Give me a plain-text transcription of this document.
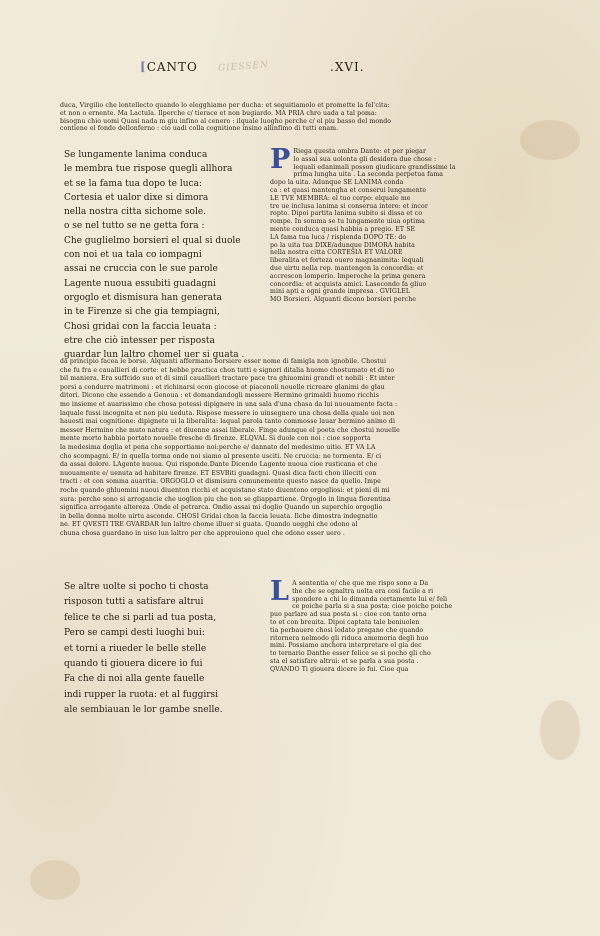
[CANTO GIESSEN	.XVI.
duca, Virgilio che lontellecto quando lo elegghiamo per ducha: et seguitiamolo et promette la fel'cita:
et non o ernente. Ma Lactula. Ilperche c/ tierace et non bugiardo. MA PRIA chro uada a tal poma:
bisognu chio uomi Quasi nada m giu infino al cenero : ilquale luogho perche c/ el piu basso del mondo
contiene el fondo dellonferno : cio uadi colla cognitione insino allinfimo di tutti enam.
Se lungamente lanima conduca
le membra tue rispose quegli allhora
et se la fama tua dopo te luca:
Cortesia et ualor dixe si dimora
nella nostra citta sichome sole.
o se nel tutto se ne getta fora :
Che guglielmo borsieri el qual si duole
con noi et ua tala co iompagni
assai ne cruccia con le sue parole
Lagente nuoua essubiti guadagni
orgoglo et dismisura han generata
in te Firenze si che gia tempiagni,
Chosi gridai con la faccia leuata :
etre che ciò intesser per risposta
guardar lun laltro chomel uer si guata .
P Riega questa ombra Dante: et per piegar
lo assai sua uolonta gli desidera due chose :
lequali edanimali posson giudicare grandissime la
prima lungha uita . La seconda perpetua fama
dopo la uita. Adunque SE LANIMA conda
ca : et quasi mantengha et conserui lungamente
LE TVE MEMBRA: el tuo corpo: elquale me
tre ue inclusa lanima si conserua intero: et incor
ropto. Dipoi partita lanima subito si dissa et co
rompe. In somma se tu lungamente uiua optima
mente conduca quasi habbia a pregio. ET SE
LA fama tua luca / risplenda DOPO TE: do
po la uita tua DIXE/adunque DIMORA habita
nella nostra citta CORTESIA ET VALORE
liberalita et forteza ouero magnanimita: lequali
due uirtu nella rep. mantengon la concordia: et
accrescon lomperio. Imperoche la prima genera
concordia: et acquista amici. Lasecondo fa gliuo
mini apti a ogni grande impresa . GVIGLEL
MO Borsieri. Alquanti dicono borsieri perche
da principio facea le borse. Alquanti affermano borsiere esser nome di famigla non ignobile. Chostui
che fu fra e cauallieri di corte: et hebbe practica chon tutti e signori ditalia huomo chostumato et di no
bil maniera. Era suffcido suo et di simil cauallieri tractare pace tra ghiuomini grandi et nobili : Et inter
porsi a condurre matrimoni : et richinarsi ocon giocose et piacenoli nouelle ricreare glanimi de glau
ditori. Dicono che essendo a Genoua : et domandandogli messere Hermino grimaldi huomo ricchis
mo insieme et auarissimo che chosa potessi dipignere in una sala d'una chasa da lui nuouamente facta :
laquale fussi incognita et non piu ueduta. Rispose messere io uinsegnero una chosa della quale uoi non
hauesti mai cognitione: dipignete ui la liberalita: laqual parola tanto commosse lauar hermino animo di
messer Hermino che muto natura : et diuenne assai liberale. Finge adunque el poeta che chostui nouelle
mente morto habbia portato nouelle fresche di firenze. ELQVAL Si duole con noi : cioe sopporta
la medesima doglia et pena che sopportiamo noi:perche e/ dannato del medesimo uitio. ET VA LA
cho scompagni. E/ in quella torma onde noi siamo al presente usciti. Ne cruccia: ne tormenta. E/ ci
da assai dolore. LAgente nuoua. Qui risponde.Dante Dicendo Lagente nuoua cioe rusticana et che
nuouamente e/ uenuta ad habitare firenze. ET ESVBiti guadagni. Quasi dica facti chon illeciti con
tracti : et con somma auaritia. ORGOGLO et dismisura comunemente questo nasce da quello. Impe
roche quando ghluomini nuoui diuenton ricchi et acquistano stato diuentono orgogliosi: et pieni di mi
sura: perche sono si arrogancie che uoglion piu che non se gliappartiene. Orgoglo in lingua fiorentina
significa arrogante altereza .Onde el petrarca. Ondio assai mi doglio Quando un superchio orgoglio
in bella donna molte uirtu asconde. CHOSI Gridai chon la faccia leuata. Ilche dimostra indegnatio
ne. ET QVESTI TRE GVARDAR lun laltro chome illuer si guata. Quando uegghi che odono al
chuna chosa guardano in uiso lun laltro per che approuiono quel che odono esser uero .
Se altre uolte si pocho ti chosta
risposon tutti a satisfare altrui
felice te che si parli ad tua posta,
Pero se campi desti luoghi bui:
et torni a riueder le belle stelle
quando ti giouera dicere io fui
Fa che di noi alla gente fauelle
indi rupper la ruota: et al fuggirsi
ale sembiauan le lor gambe snelle.
L A sententia e/ che que me rispo sono a Da
the che se ognaltra uolta era cosi facile a ri
spondere a chi lo dimanda certamente lui e/ feli
ce poiche parla si a sua posta: cioe poiche poiche
puo parlare ad sua posta si : cioe con tanto orna
to et con breuita. Dipoi captata tale beniuolen
tia perbauere chosi lodato pregano che quando
ritornera nelmodo gli riduca amemoria degli huo
mini. Possiamo anchora interpretare el gia dec
to ternario Danthe esser felice se si pocho gli cho
sta el satisfare altrui: et se parla a sua posta .
QVANDO Ti giouera dicere io fui. Cioe qua
